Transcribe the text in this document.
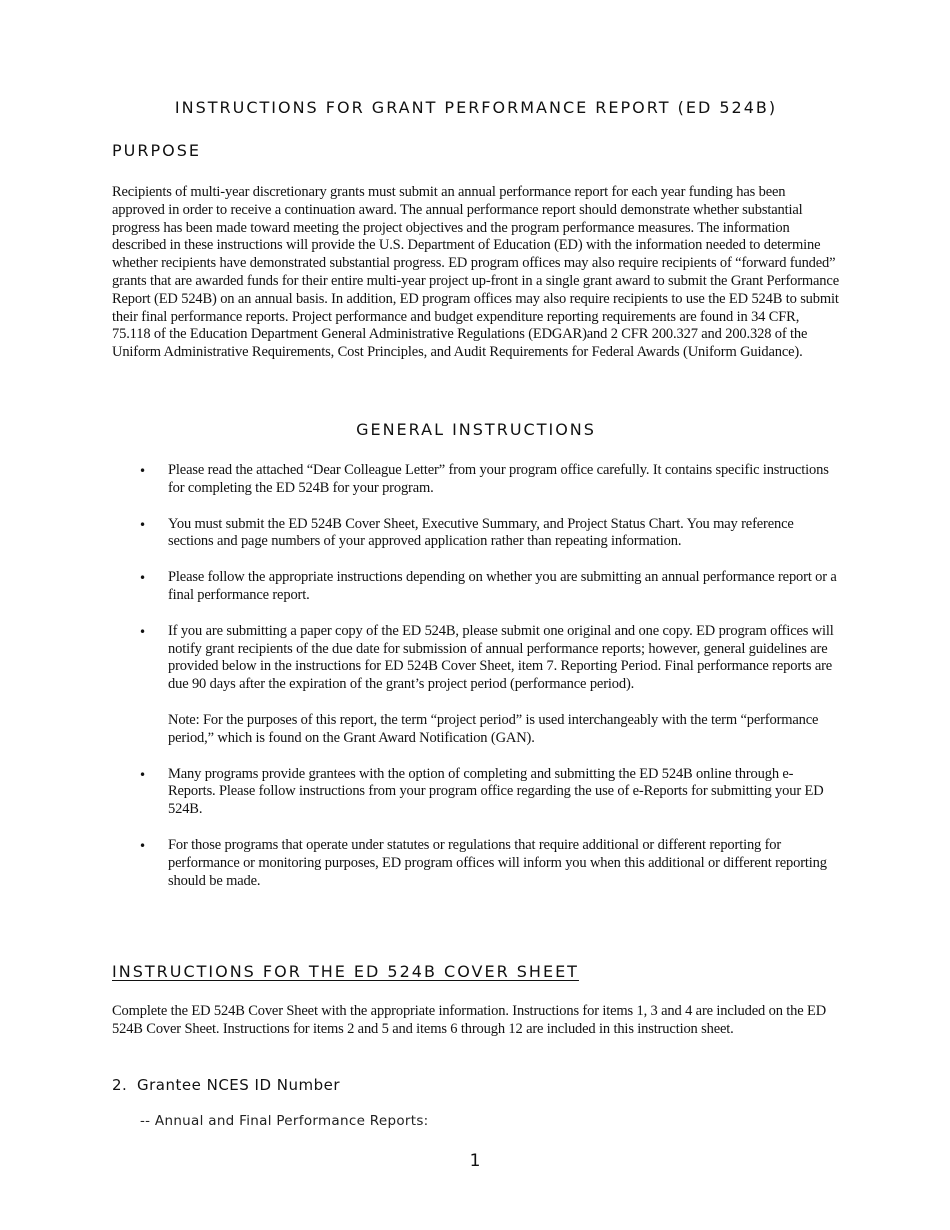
INSTRUCTIONS FOR GRANT PERFORMANCE REPORT (ED 524B)
PURPOSE

Recipients of multi-year discretionary grants must submit an annual performance report for each year funding has been approved in order to receive a continuation award. The annual performance report should demonstrate whether substantial progress has been made toward meeting the project objectives and the program performance measures. The information described in these instructions will provide the U.S. Department of Education (ED) with the information needed to determine whether recipients have demonstrated substantial progress. ED program offices may also require recipients of “forward funded” grants that are awarded funds for their entire multi-year project up-front in a single grant award to submit the Grant Performance Report (ED 524B) on an annual basis. In addition, ED program offices may also require recipients to use the ED 524B to submit their final performance reports. Project performance and budget expenditure reporting requirements are found in 34 CFR, 75.118 of the Education Department General Administrative Regulations (EDGAR)and 2 CFR 200.327 and 200.328 of the Uniform Administrative Requirements, Cost Principles, and Audit Requirements for Federal Awards (Uniform Guidance).

GENERAL INSTRUCTIONS
• Please read the attached “Dear Colleague Letter” from your program office carefully. It contains specific instructions for completing the ED 524B for your program.

• You must submit the ED 524B Cover Sheet, Executive Summary, and Project Status Chart. You may reference sections and page numbers of your approved application rather than repeating information.

• Please follow the appropriate instructions depending on whether you are submitting an annual performance report or a final performance report.

• If you are submitting a paper copy of the ED 524B, please submit one original and one copy. ED program offices will notify grant recipients of the due date for submission of annual performance reports; however, general guidelines are provided below in the instructions for ED 524B Cover Sheet, item 7. Reporting Period. Final performance reports are due 90 days after the expiration of the grant’s project period (performance period).

Note: For the purposes of this report, the term “project period” is used interchangeably with the term “performance period,” which is found on the Grant Award Notification (GAN).

• Many programs provide grantees with the option of completing and submitting the ED 524B online through e-Reports. Please follow instructions from your program office regarding the use of e-Reports for submitting your ED 524B.

• For those programs that operate under statutes or regulations that require additional or different reporting for performance or monitoring purposes, ED program offices will inform you when this additional or different reporting should be made.

INSTRUCTIONS FOR THE ED 524B COVER SHEET

Complete the ED 524B Cover Sheet with the appropriate information. Instructions for items 1, 3 and 4 are included on the ED 524B Cover Sheet. Instructions for items 2 and 5 and items 6 through 12 are included in this instruction sheet.

2. Grantee NCES ID Number
-- Annual and Final Performance Reports:
1
